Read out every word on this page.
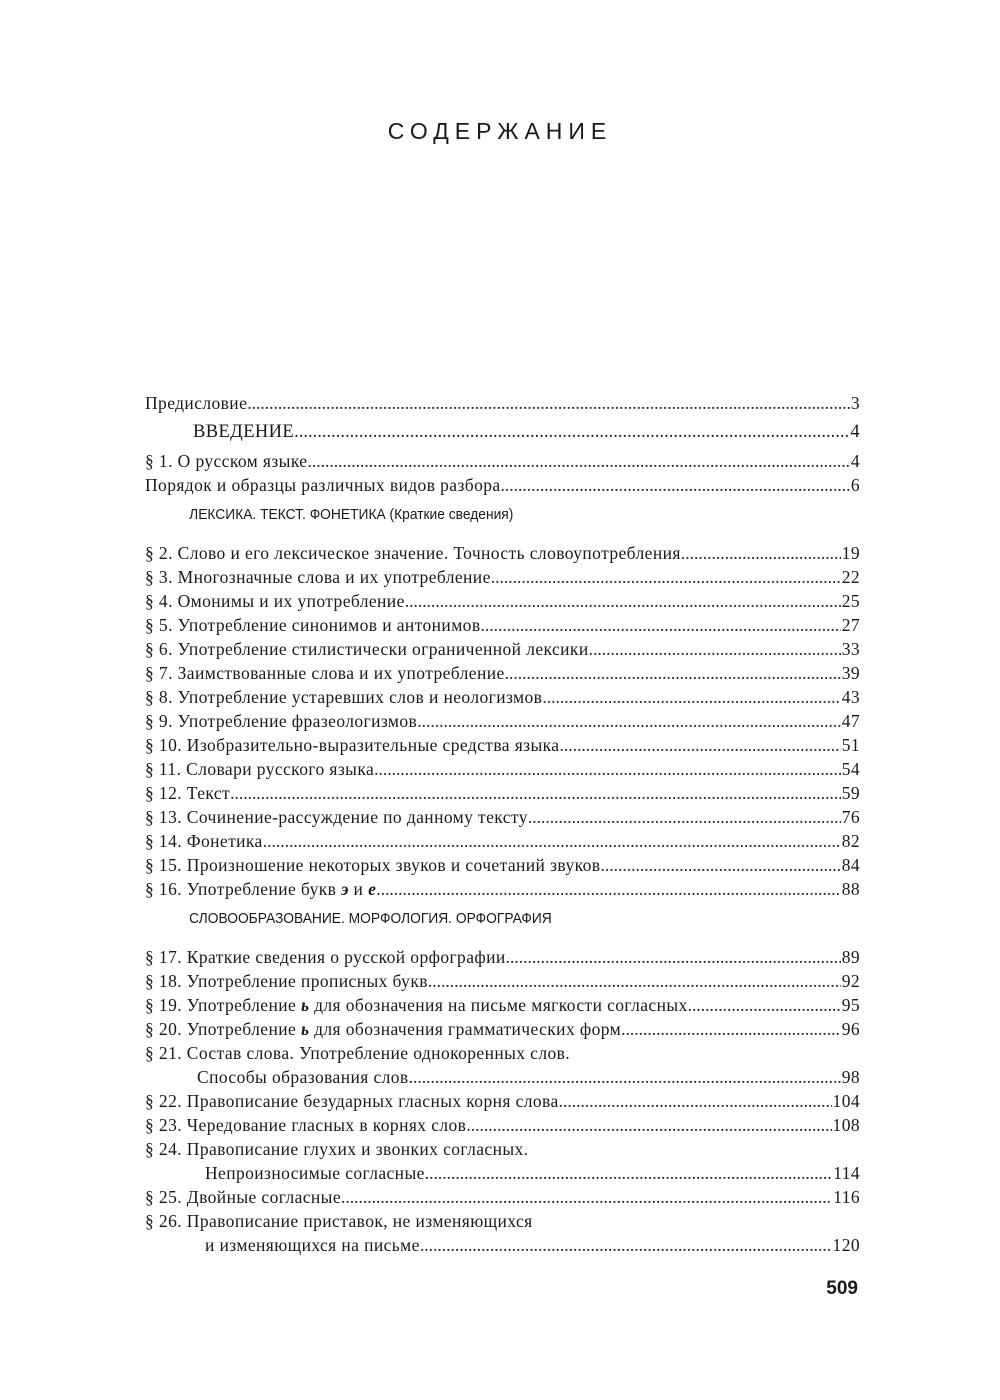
СОДЕРЖАНИЕ
Предисловие .....	3
ВВЕДЕНИЕ .....	4
§ 1. О русском языке .....	4
Порядок и образцы различных видов разбора .....	6
ЛЕКСИКА. ТЕКСТ. ФОНЕТИКА (Краткие сведения)
§ 2. Слово и его лексическое значение. Точность словоупотребления .....	19
§ 3. Многозначные слова и их употребление .....	22
§ 4. Омонимы и их употребление .....	25
§ 5. Употребление синонимов и антонимов .....	27
§ 6. Употребление стилистически ограниченной лексики .....	33
§ 7. Заимствованные слова и их употребление .....	39
§ 8. Употребление устаревших слов и неологизмов .....	43
§ 9. Употребление фразеологизмов .....	47
§ 10. Изобразительно-выразительные средства языка .....	51
§ 11. Словари русского языка .....	54
§ 12. Текст .....	59
§ 13. Сочинение-рассуждение по данному тексту .....	76
§ 14. Фонетика .....	82
§ 15. Произношение некоторых звуков и сочетаний звуков .....	84
§ 16. Употребление букв э и е .....	88
СЛОВООБРАЗОВАНИЕ. МОРФОЛОГИЯ. ОРФОГРАФИЯ
§ 17. Краткие сведения о русской орфографии .....	89
§ 18. Употребление прописных букв .....	92
§ 19. Употребление ь для обозначения на письме мягкости согласных .....	95
§ 20. Употребление ь для обозначения грамматических форм .....	96
§ 21. Состав слова. Употребление однокоренных слов.
Способы образования слов .....	98
§ 22. Правописание безударных гласных корня слова .....	104
§ 23. Чередование гласных в корнях слов .....	108
§ 24. Правописание глухих и звонких согласных.
Непроизносимые согласные .....	114
§ 25. Двойные согласные .....	116
§ 26. Правописание приставок, не изменяющихся
и изменяющихся на письме .....	120

509
